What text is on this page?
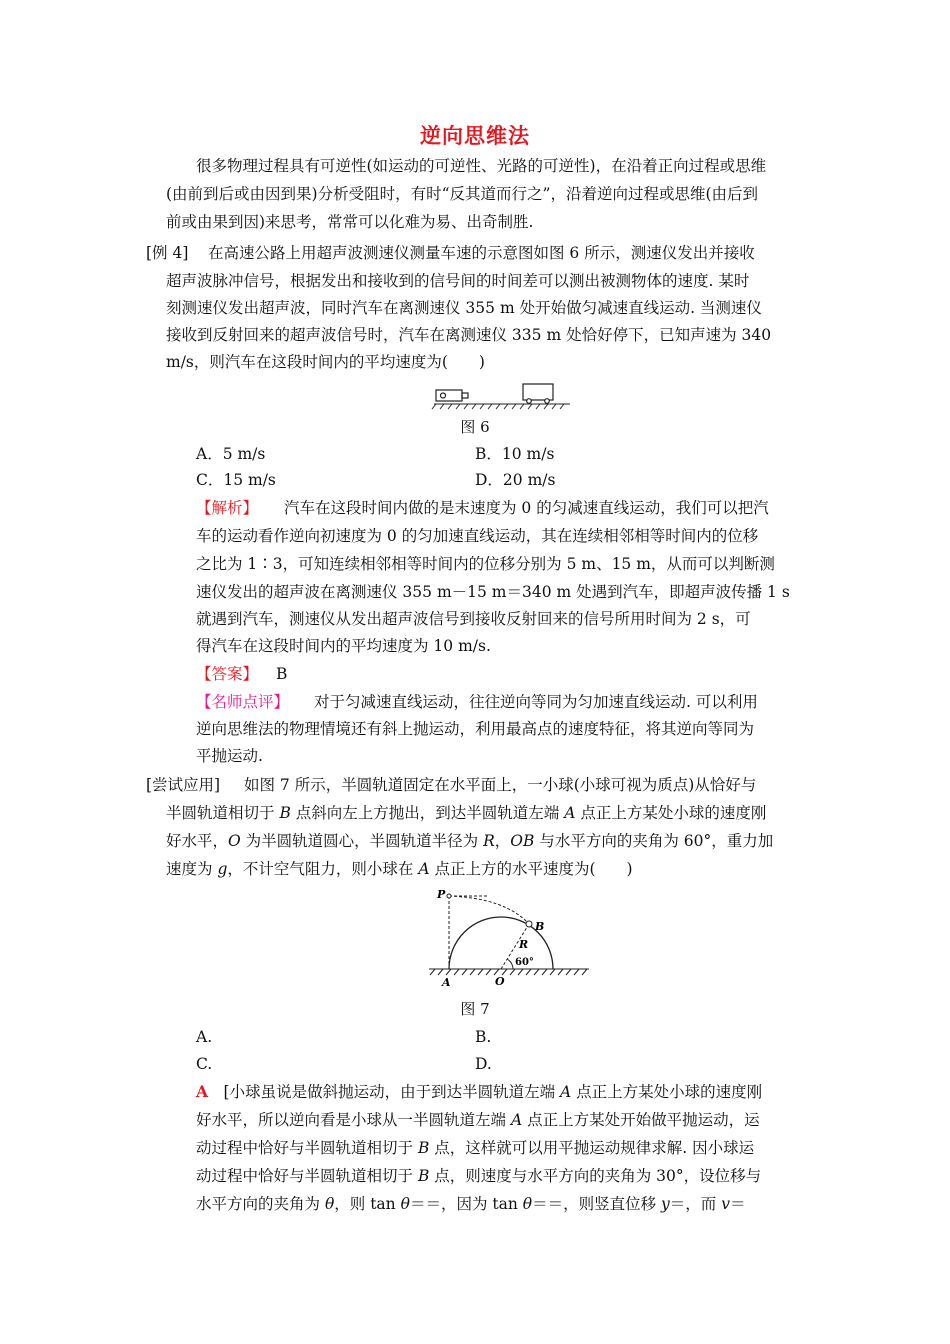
逆向思维法
很多物理过程具有可逆性(如运动的可逆性、光路的可逆性)，在沿着正向过程或思维
(由前到后或由因到果)分析受阻时，有时“反其道而行之”，沿着逆向过程或思维(由后到
前或由果到因)来思考，常常可以化难为易、出奇制胜.
[例 4] 在高速公路上用超声波测速仪测量车速的示意图如图 6 所示，测速仪发出并接收
超声波脉冲信号，根据发出和接收到的信号间的时间差可以测出被测物体的速度. 某时
刻测速仪发出超声波，同时汽车在离测速仪 355 m 处开始做匀减速直线运动. 当测速仪
接收到反射回来的超声波信号时，汽车在离测速仪 335 m 处恰好停下，已知声速为 340
m/s，则汽车在这段时间内的平均速度为(　　)
图 6
A．5 m/s	B．10 m/s
C．15 m/s	D．20 m/s
【解析】 汽车在这段时间内做的是末速度为 0 的匀减速直线运动，我们可以把汽
车的运动看作逆向初速度为 0 的匀加速直线运动，其在连续相邻相等时间内的位移
之比为 1∶3，可知连续相邻相等时间内的位移分别为 5 m、15 m，从而可以判断测
速仪发出的超声波在离测速仪 355 m－15 m＝340 m 处遇到汽车，即超声波传播 1 s
就遇到汽车，测速仪从发出超声波信号到接收反射回来的信号所用时间为 2 s，可
得汽车在这段时间内的平均速度为 10 m/s.
【答案】 B
【名师点评】 对于匀减速直线运动，往往逆向等同为匀加速直线运动. 可以利用
逆向思维法的物理情境还有斜上抛运动，利用最高点的速度特征，将其逆向等同为
平抛运动.
[尝试应用] 如图 7 所示，半圆轨道固定在水平面上，一小球(小球可视为质点)从恰好与
半圆轨道相切于 B 点斜向左上方抛出，到达半圆轨道左端 A 点正上方某处小球的速度刚
好水平，O 为半圆轨道圆心，半圆轨道半径为 R，OB 与水平方向的夹角为 60°，重力加
速度为 g，不计空气阻力，则小球在 A 点正上方的水平速度为(　　)
P
B
R
60°
A	O
图 7
A.	B.
C.	D.
A　 [小球虽说是做斜抛运动，由于到达半圆轨道左端 A 点正上方某处小球的速度刚
好水平，所以逆向看是小球从一半圆轨道左端 A 点正上方某处开始做平抛运动，运
动过程中恰好与半圆轨道相切于 B 点，这样就可以用平抛运动规律求解. 因小球运
动过程中恰好与半圆轨道相切于 B 点，则速度与水平方向的夹角为 30°，设位移与
水平方向的夹角为 θ，则 tan θ＝＝，因为 tan θ＝＝，则竖直位移 y＝，而 v＝
